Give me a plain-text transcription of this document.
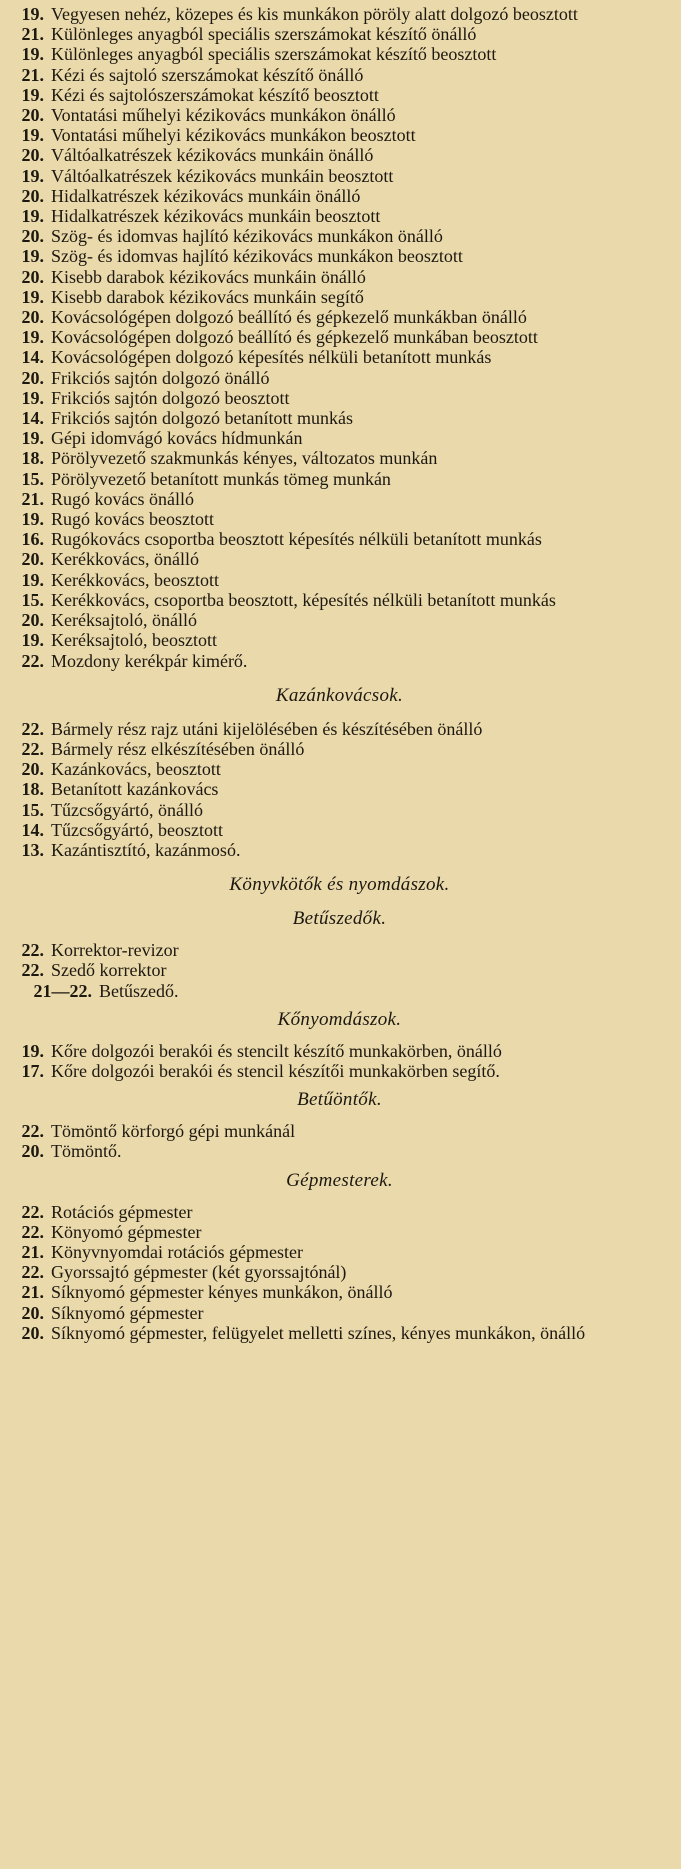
19. Vegyesen nehéz, közepes és kis munkákon pöröly alatt dolgozó beosztott
21. Különleges anyagból speciális szerszámokat készítő önálló
19. Különleges anyagból speciális szerszámokat készítő beosztott
21. Kézi és sajtoló szerszámokat készítő önálló
19. Kézi és sajtolószerszámokat készítő beosztott
20. Vontatási műhelyi kézikovács munkákon önálló
19. Vontatási műhelyi kézikovács munkákon beosztott
20. Váltóalkatrészek kézikovács munkáin önálló
19. Váltóalkatrészek kézikovács munkáin beosztott
20. Hidalkatrészek kézikovács munkáin önálló
19. Hidalkatrészek kézikovács munkáin beosztott
20. Szög- és idomvas hajlító kézikovács munkákon önálló
19. Szög- és idomvas hajlító kézikovács munkákon beosztott
20. Kisebb darabok kézikovács munkáin önálló
19. Kisebb darabok kézikovács munkáin segítő
20. Kovácsológépen dolgozó beállító és gépkezelő munkákban önálló
19. Kovácsológépen dolgozó beállító és gépkezelő munkában beosztott
14. Kovácsológépen dolgozó képesítés nélküli betanított munkás
20. Frikciós sajtón dolgozó önálló
19. Frikciós sajtón dolgozó beosztott
14. Frikciós sajtón dolgozó betanított munkás
19. Gépi idomvágó kovács hídmunkán
18. Pörölyvezető szakmunkás kényes, változatos munkán
15. Pörölyvezető betanított munkás tömeg munkán
21. Rugó kovács önálló
19. Rugó kovács beosztott
16. Rugókovács csoportba beosztott képesítés nélküli betanított munkás
20. Kerékkovács, önálló
19. Kerékkovács, beosztott
15. Kerékkovács, csoportba beosztott, képesítés nélküli betanított munkás
20. Keréksajtoló, önálló
19. Keréksajtoló, beosztott
22. Mozdony kerékpár kimérő.
Kazánkovácsok.
22. Bármely rész rajz utáni kijelölésében és készítésében önálló
22. Bármely rész elkészítésében önálló
20. Kazánkovács, beosztott
18. Betanított kazánkovács
15. Tűzcsőgyártó, önálló
14. Tűzcsőgyártó, beosztott
13. Kazántisztító, kazánmosó.
Könyvkötők és nyomdászok.
Betűszedők.
22. Korrektor-revizor
22. Szedő korrektor
21—22. Betűszedő.
Kőnyomdászok.
19. Kőre dolgozói berakói és stencilt készítő munkakörben, önálló
17. Kőre dolgozói berakói és stencil készítői munkakörben segítő.
Betűöntők.
22. Tömöntő körforgó gépi munkánál
20. Tömöntő.
Gépmesterek.
22. Rotációs gépmester
22. Könyomó gépmester
21. Könyvnyomdai rotációs gépmester
22. Gyorssajtó gépmester (két gyorssajtónál)
21. Síknyomó gépmester kényes munkákon, önálló
20. Síknyomó gépmester
20. Síknyomó gépmester, felügyelet melletti színes, kényes munkákon, önálló
